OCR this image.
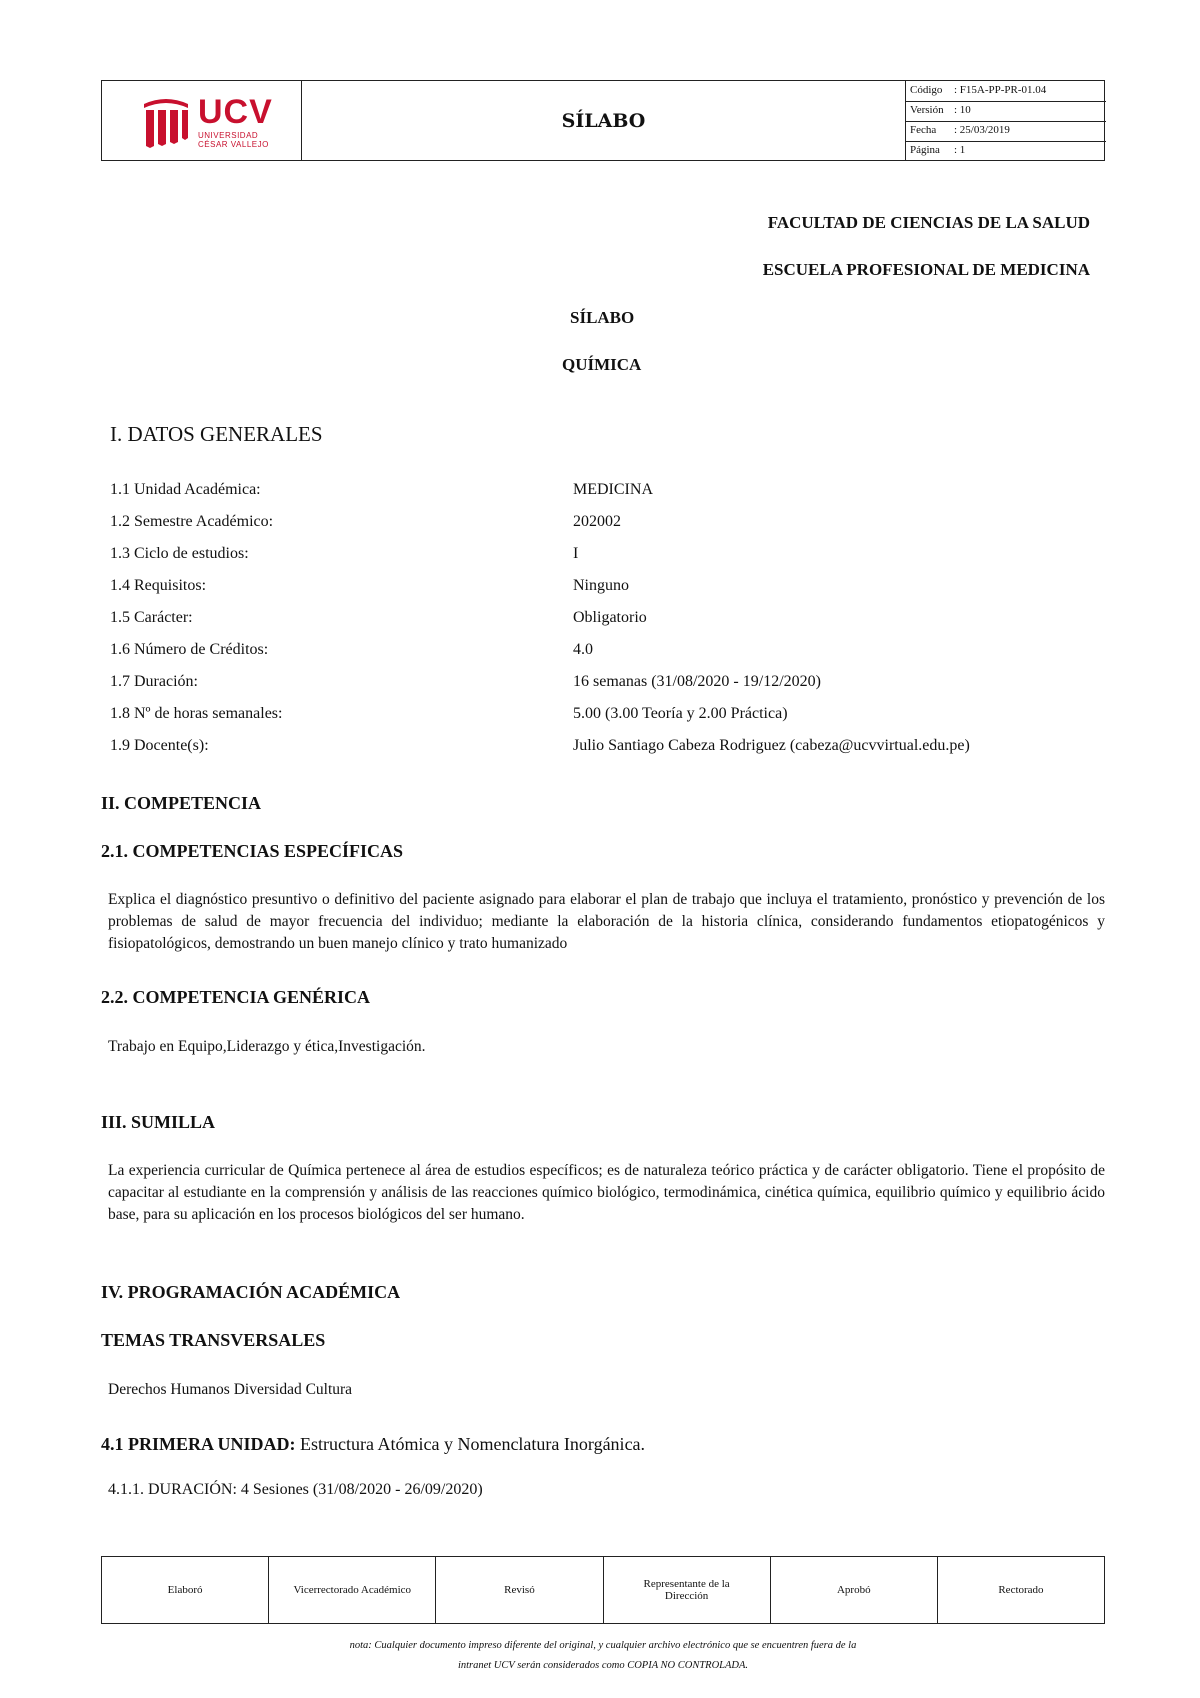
UCV
UNIVERSIDAD
CÉSAR VALLEJO
SÍLABO
Código : F15A-PP-PR-01.04
Versión : 10
Fecha : 25/03/2019
Página : 1
FACULTAD DE CIENCIAS DE LA SALUD
ESCUELA PROFESIONAL DE MEDICINA
SÍLABO
QUÍMICA
I. DATOS GENERALES
1.1 Unidad Académica:	MEDICINA
1.2 Semestre Académico:	202002
1.3 Ciclo de estudios:	I
1.4 Requisitos:	Ninguno
1.5 Carácter:	Obligatorio
1.6 Número de Créditos:	4.0
1.7 Duración:	16 semanas (31/08/2020 - 19/12/2020)
1.8 Nº de horas semanales:	5.00 (3.00 Teoría y 2.00 Práctica)
1.9 Docente(s):	Julio Santiago Cabeza Rodriguez (cabeza@ucvvirtual.edu.pe)
II. COMPETENCIA
2.1. COMPETENCIAS ESPECÍFICAS
Explica el diagnóstico presuntivo o definitivo del paciente asignado para elaborar el plan de trabajo que incluya el tratamiento, pronóstico y prevención de los problemas de salud de mayor frecuencia del individuo; mediante la elaboración de la historia clínica, considerando fundamentos etiopatogénicos y fisiopatológicos, demostrando un buen manejo clínico y trato humanizado
2.2. COMPETENCIA GENÉRICA
Trabajo en Equipo,Liderazgo y ética,Investigación.
III. SUMILLA
La experiencia curricular de Química pertenece al área de estudios específicos; es de naturaleza teórico práctica y de carácter obligatorio. Tiene el propósito de capacitar al estudiante en la comprensión y análisis de las reacciones químico biológico, termodinámica, cinética química, equilibrio químico y equilibrio ácido base, para su aplicación en los procesos biológicos del ser humano.
IV. PROGRAMACIÓN ACADÉMICA
TEMAS TRANSVERSALES
Derechos Humanos Diversidad Cultura
4.1 PRIMERA UNIDAD: Estructura Atómica y Nomenclatura Inorgánica.
4.1.1. DURACIÓN: 4 Sesiones (31/08/2020 - 26/09/2020)
Elaboró	Vicerrectorado Académico	Revisó	Representante de la Dirección	Aprobó	Rectorado
nota: Cualquier documento impreso diferente del original, y cualquier archivo electrónico que se encuentren fuera de la
intranet UCV serán considerados como COPIA NO CONTROLADA.
